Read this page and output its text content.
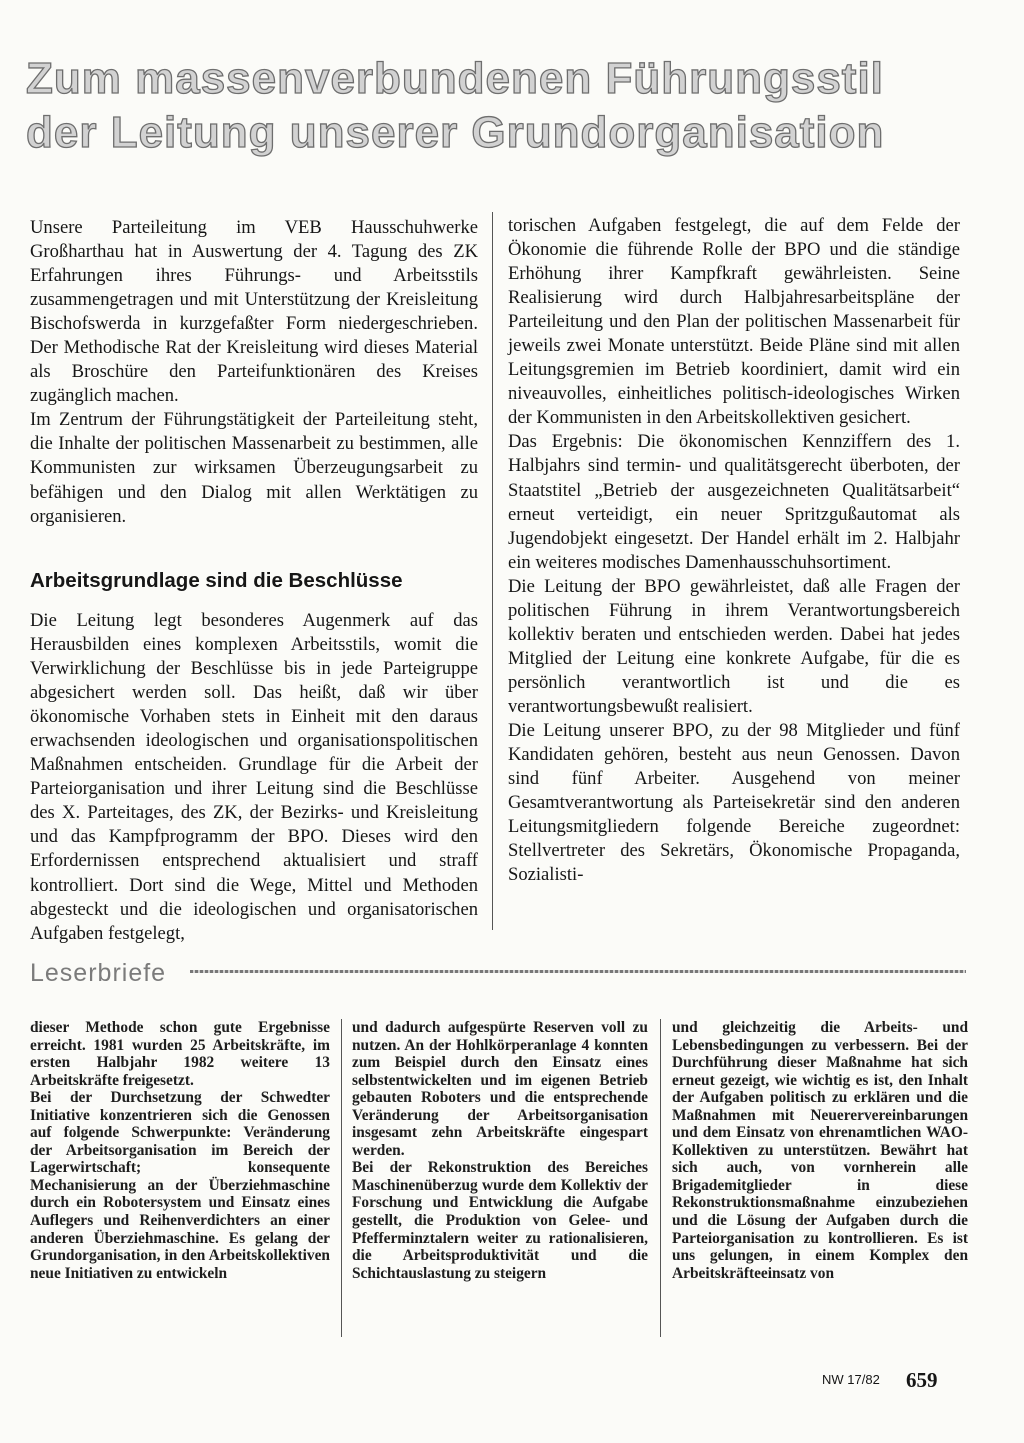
Zum massenverbundenen Führungsstil
der Leitung unserer Grundorganisation

Unsere Parteileitung im VEB Hausschuhwerke Großharthau hat in Auswertung der 4. Tagung des ZK Erfahrungen ihres Führungs- und Arbeitsstils zusammengetragen und mit Unterstützung der Kreisleitung Bischofswerda in kurzgefaßter Form niedergeschrieben. Der Methodische Rat der Kreisleitung wird dieses Material als Broschüre den Parteifunktionären des Kreises zugänglich machen.

Im Zentrum der Führungstätigkeit der Parteileitung steht, die Inhalte der politischen Massenarbeit zu bestimmen, alle Kommunisten zur wirksamen Überzeugungsarbeit zu befähigen und den Dialog mit allen Werktätigen zu organisieren.

Arbeitsgrundlage sind die Beschlüsse

Die Leitung legt besonderes Augenmerk auf das Herausbilden eines komplexen Arbeitsstils, womit die Verwirklichung der Beschlüsse bis in jede Parteigruppe abgesichert werden soll. Das heißt, daß wir über ökonomische Vorhaben stets in Einheit mit den daraus erwachsenden ideologischen und organisationspolitischen Maßnahmen entscheiden. Grundlage für die Arbeit der Parteiorganisation und ihrer Leitung sind die Beschlüsse des X. Parteitages, des ZK, der Bezirks- und Kreisleitung und das Kampfprogramm der BPO. Dieses wird den Erfordernissen entsprechend aktualisiert und straff kontrolliert. Dort sind die Wege, Mittel und Methoden abgesteckt und die ideologischen und organisatorischen Aufgaben festgelegt,

torischen Aufgaben festgelegt, die auf dem Felde der Ökonomie die führende Rolle der BPO und die ständige Erhöhung ihrer Kampfkraft gewährleisten. Seine Realisierung wird durch Halbjahresarbeitspläne der Parteileitung und den Plan der politischen Massenarbeit für jeweils zwei Monate unterstützt. Beide Pläne sind mit allen Leitungsgremien im Betrieb koordiniert, damit wird ein niveauvolles, einheitliches politisch-ideologisches Wirken der Kommunisten in den Arbeitskollektiven gesichert.

Das Ergebnis: Die ökonomischen Kennziffern des 1. Halbjahrs sind termin- und qualitätsgerecht überboten, der Staatstitel „Betrieb der ausgezeichneten Qualitätsarbeit“ erneut verteidigt, ein neuer Spritzgußautomat als Jugendobjekt eingesetzt. Der Handel erhält im 2. Halbjahr ein weiteres modisches Damenhausschuhsortiment.

Die Leitung der BPO gewährleistet, daß alle Fragen der politischen Führung in ihrem Verantwortungsbereich kollektiv beraten und entschieden werden. Dabei hat jedes Mitglied der Leitung eine konkrete Aufgabe, für die es persönlich verantwortlich ist und die es verantwortungsbewußt realisiert.

Die Leitung unserer BPO, zu der 98 Mitglieder und fünf Kandidaten gehören, besteht aus neun Genossen. Davon sind fünf Arbeiter. Ausgehend von meiner Gesamtverantwortung als Parteisekretär sind den anderen Leitungsmitgliedern folgende Bereiche zugeordnet: Stellvertreter des Sekretärs, Ökonomische Propaganda, Sozialisti-

Leserbriefe

dieser Methode schon gute Ergebnisse erreicht. 1981 wurden 25 Arbeitskräfte, im ersten Halbjahr 1982 weitere 13 Arbeitskräfte freigesetzt.

Bei der Durchsetzung der Schwedter Initiative konzentrieren sich die Genossen auf folgende Schwerpunkte: Veränderung der Arbeitsorganisation im Bereich der Lagerwirtschaft; konsequente Mechanisierung an der Überziehmaschine durch ein Robotersystem und Einsatz eines Auflegers und Reihenverdichters an einer anderen Überziehmaschine. Es gelang der Grundorganisation, in den Arbeitskollektiven neue Initiativen zu entwickeln

und dadurch aufgespürte Reserven voll zu nutzen. An der Hohlkörperanlage 4 konnten zum Beispiel durch den Einsatz eines selbstentwickelten und im eigenen Betrieb gebauten Roboters und die entsprechende Veränderung der Arbeitsorganisation insgesamt zehn Arbeitskräfte eingespart werden.

Bei der Rekonstruktion des Bereiches Maschinenüberzug wurde dem Kollektiv der Forschung und Entwicklung die Aufgabe gestellt, die Produktion von Gelee- und Pfefferminztalern weiter zu rationalisieren, die Arbeitsproduktivität und die Schichtauslastung zu steigern

und gleichzeitig die Arbeits- und Lebensbedingungen zu verbessern. Bei der Durchführung dieser Maßnahme hat sich erneut gezeigt, wie wichtig es ist, den Inhalt der Aufgaben politisch zu erklären und die Maßnahmen mit Neuerervereinbarungen und dem Einsatz von ehrenamtlichen WAO-Kollektiven zu unterstützen. Bewährt hat sich auch, von vornherein alle Brigademitglieder in diese Rekonstruktionsmaßnahme einzubeziehen und die Lösung der Aufgaben durch die Parteiorganisation zu kontrollieren. Es ist uns gelungen, in einem Komplex den Arbeitskräfteeinsatz von

NW 17/82 659
